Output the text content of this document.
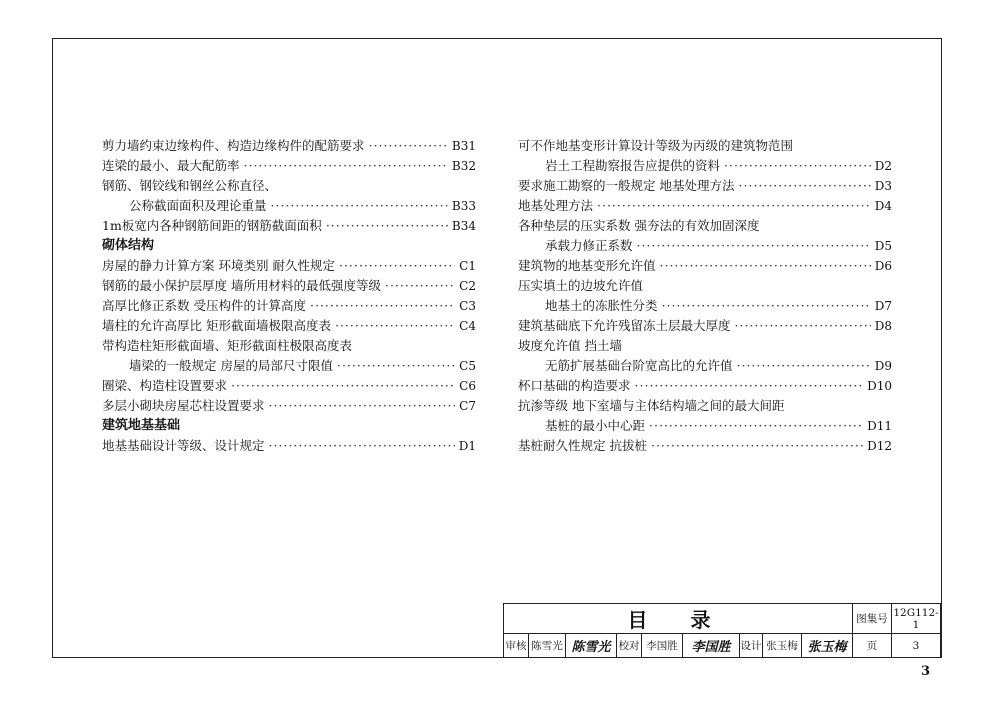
剪力墙约束边缘构件、构造边缘构件的配筋要求 ·····	B31
连梁的最小、最大配筋率 ·····	B32
钢筋、钢铰线和钢丝公称直径、
公称截面面积及理论重量 ·····	B33
1m板宽内各种钢筋间距的钢筋截面面积 ·····	B34
砌体结构
房屋的静力计算方案 环境类别 耐久性规定 ·····	C1
钢筋的最小保护层厚度 墙所用材料的最低强度等级 ·····	C2
高厚比修正系数 受压构件的计算高度 ·····	C3
墙柱的允许高厚比 矩形截面墙极限高度表 ·····	C4
带构造柱矩形截面墙、矩形截面柱极限高度表
墙梁的一般规定 房屋的局部尺寸限值 ·····	C5
圈梁、构造柱设置要求 ·····	C6
多层小砌块房屋芯柱设置要求 ·····	C7
建筑地基基础
地基基础设计等级、设计规定 ·····	D1
可不作地基变形计算设计等级为丙级的建筑物范围
岩土工程勘察报告应提供的资料 ·····	D2
要求施工勘察的一般规定 地基处理方法 ·····	D3
地基处理方法 ·····	D4
各种垫层的压实系数 强夯法的有效加固深度
承载力修正系数 ·····	D5
建筑物的地基变形允许值 ·····	D6
压实填土的边坡允许值
地基土的冻胀性分类 ·····	D7
建筑基础底下允许残留冻土层最大厚度 ·····	D8
坡度允许值 挡土墙
无筋扩展基础台阶宽高比的允许值 ·····	D9
杯口基础的构造要求 ·····	D10
抗渗等级 地下室墙与主体结构墙之间的最大间距
基桩的最小中心距 ·····	D11
基桩耐久性规定 抗拔桩 ·····	D12
目 录									图集号	12G112-1
审核	陈雪光	陈雪光	校对	李国胜	李国胜	设计	张玉梅	张玉梅	页	3
3
